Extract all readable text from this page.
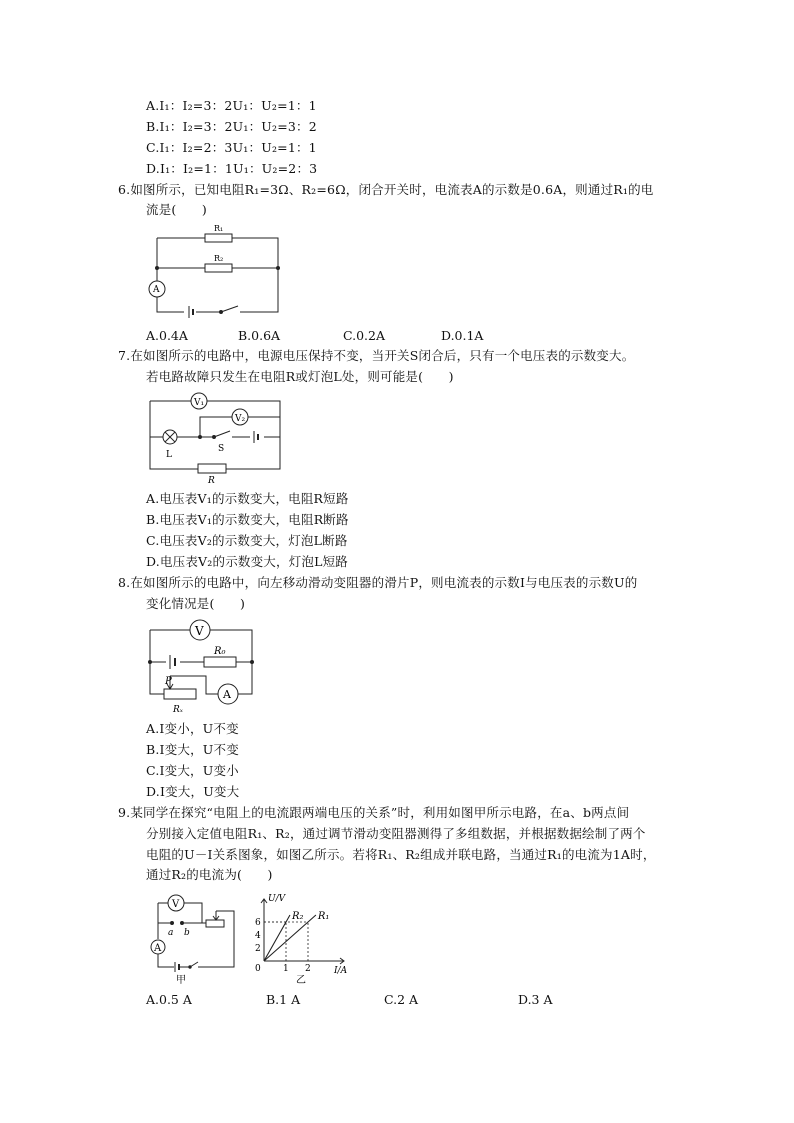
A.I₁：I₂=3：2U₁：U₂=1：1
B.I₁：I₂=3：2U₁：U₂=3：2
C.I₁：I₂=2：3U₁：U₂=1：1
D.I₁：I₂=1：1U₁：U₂=2：3
6.如图所示，已知电阻R₁=3Ω、R₂=6Ω，闭合开关时，电流表A的示数是0.6A，则通过R₁的电
流是(　　)
R₁
R₂
A
A.0.4A	B.0.6A	C.0.2A	D.0.1A
7.在如图所示的电路中，电源电压保持不变，当开关S闭合后，只有一个电压表的示数变大。
若电路故障只发生在电阻R或灯泡L处，则可能是(　　)
V₁
V₂
L
S
R
A.电压表V₁的示数变大，电阻R短路
B.电压表V₁的示数变大，电阻R断路
C.电压表V₂的示数变大，灯泡L断路
D.电压表V₂的示数变大，灯泡L短路
8.在如图所示的电路中，向左移动滑动变阻器的滑片P，则电流表的示数I与电压表的示数U的
变化情况是(　　)
V
R₀
P
A
Rₓ
A.I变小，U不变
B.I变大，U不变
C.I变大，U变小
D.I变大，U变大
9.某同学在探究“电阻上的电流跟两端电压的关系”时，利用如图甲所示电路，在a、b两点间
分别接入定值电阻R₁、R₂，通过调节滑动变阻器测得了多组数据，并根据数据绘制了两个
电阻的U－I关系图象，如图乙所示。若将R₁、R₂组成并联电路，当通过R₁的电流为1A时，
通过R₂的电流为(　　)
V
A
a b
甲
R₂ R₁
0 1 2
2
4
6
U/V
I/A
乙
A.0.5 A	B.1 A	C.2 A	D.3 A
